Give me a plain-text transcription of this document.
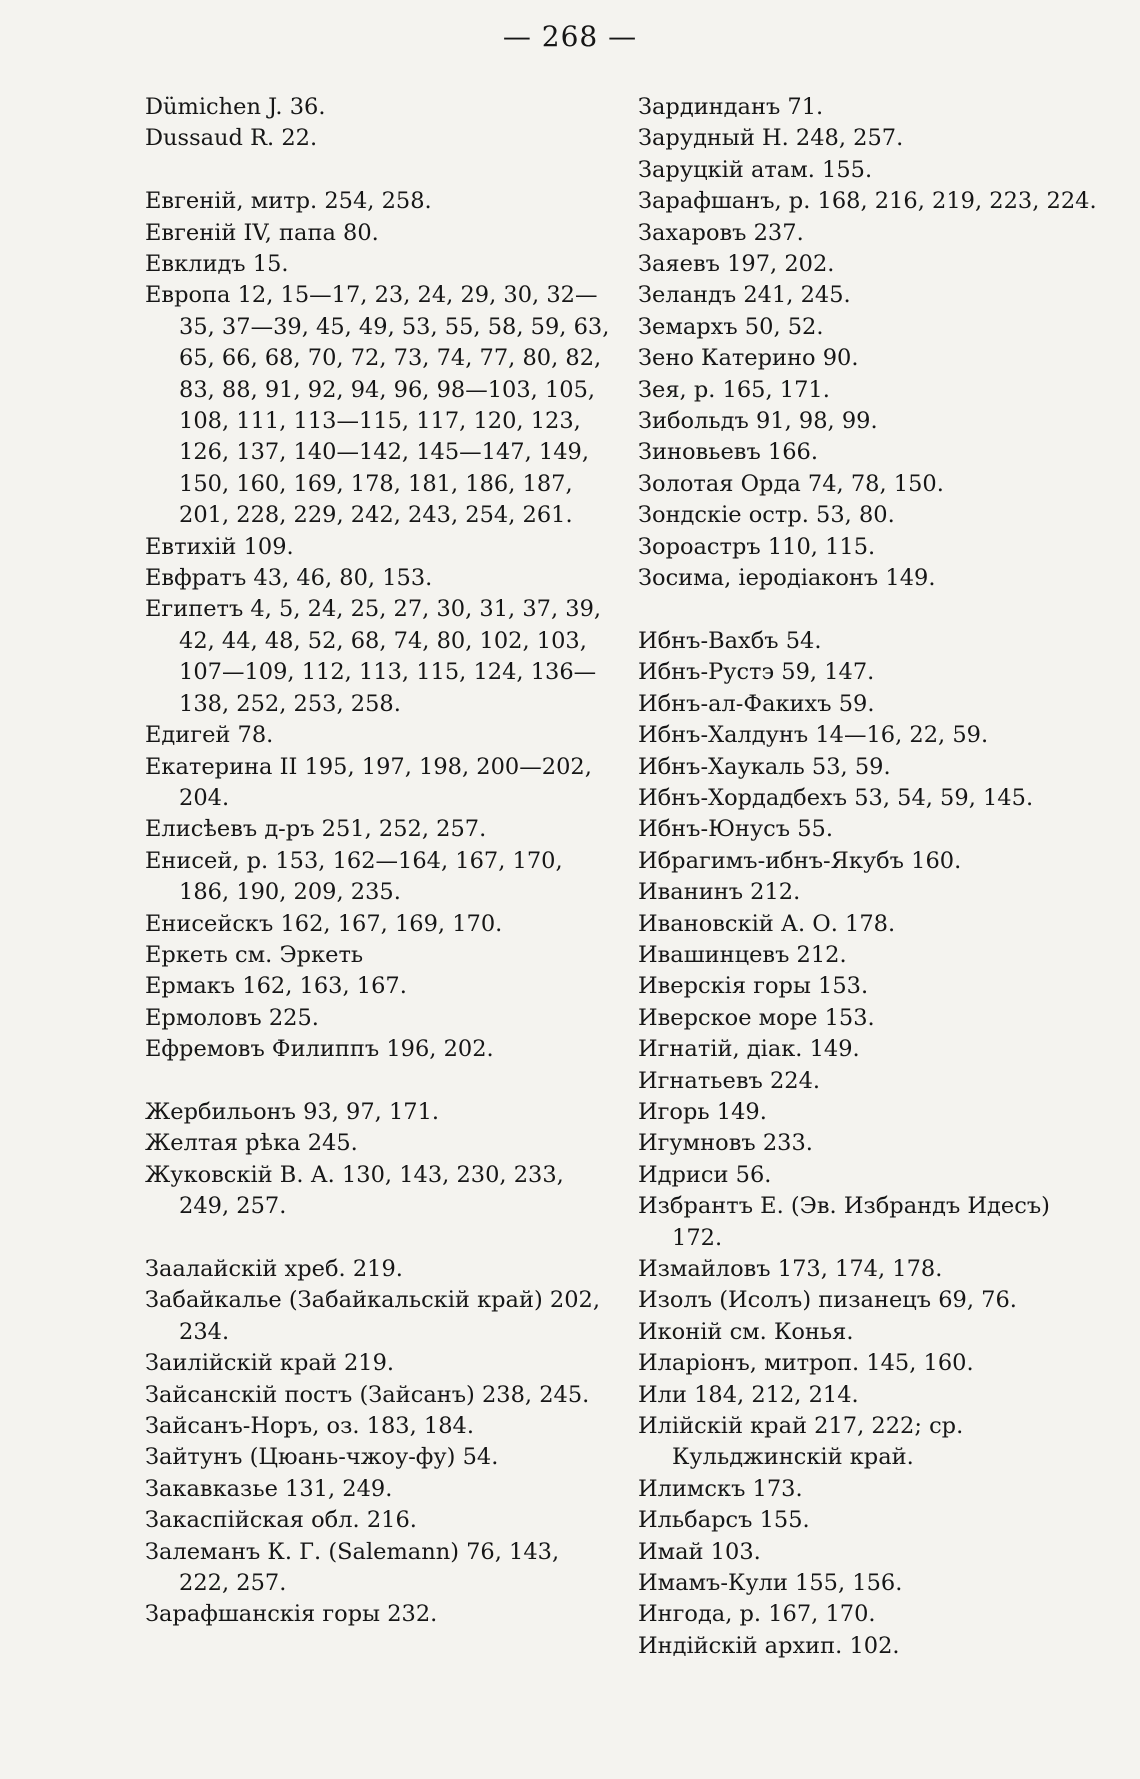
— 268 —
Dümichen J. 36.
Dussaud R. 22.
Евгеній, митр. 254, 258.
Евгеній IV, папа 80.
Евклидъ 15.
Европа 12, 15—17, 23, 24, 29, 30, 32—35, 37—39, 45, 49, 53, 55, 58, 59, 63, 65, 66, 68, 70, 72, 73, 74, 77, 80, 82, 83, 88, 91, 92, 94, 96, 98—103, 105, 108, 111, 113—115, 117, 120, 123, 126, 137, 140—142, 145—147, 149, 150, 160, 169, 178, 181, 186, 187, 201, 228, 229, 242, 243, 254, 261.
Евтихій 109.
Евфратъ 43, 46, 80, 153.
Египетъ 4, 5, 24, 25, 27, 30, 31, 37, 39, 42, 44, 48, 52, 68, 74, 80, 102, 103, 107—109, 112, 113, 115, 124, 136—138, 252, 253, 258.
Едигей 78.
Екатерина II 195, 197, 198, 200—202, 204.
Елисѣевъ д-ръ 251, 252, 257.
Енисей, р. 153, 162—164, 167, 170, 186, 190, 209, 235.
Енисейскъ 162, 167, 169, 170.
Еркеть см. Эркеть
Ермакъ 162, 163, 167.
Ермоловъ 225.
Ефремовъ Филиппъ 196, 202.
Жербильонъ 93, 97, 171.
Желтая рѣка 245.
Жуковскій В. А. 130, 143, 230, 233, 249, 257.
Заалайскій хреб. 219.
Забайкалье (Забайкальскій край) 202, 234.
Заилійскій край 219.
Зайсанскій постъ (Зайсанъ) 238, 245.
Зайсанъ-Норъ, оз. 183, 184.
Зайтунъ (Цюань-чжоу-фу) 54.
Закавказье 131, 249.
Закаспійская обл. 216.
Залеманъ К. Г. (Salemann) 76, 143, 222, 257.
Зарафшанскія горы 232.
Зардинданъ 71.
Зарудный Н. 248, 257.
Заруцкій атам. 155.
Зарафшанъ, р. 168, 216, 219, 223, 224.
Захаровъ 237.
Заяевъ 197, 202.
Зеландъ 241, 245.
Земархъ 50, 52.
Зено Катерино 90.
Зея, р. 165, 171.
Зибольдъ 91, 98, 99.
Зиновьевъ 166.
Золотая Орда 74, 78, 150.
Зондскіе остр. 53, 80.
Зороастръ 110, 115.
Зосима, іеродіаконъ 149.
Ибнъ-Вахбъ 54.
Ибнъ-Рустэ 59, 147.
Ибнъ-ал-Факихъ 59.
Ибнъ-Халдунъ 14—16, 22, 59.
Ибнъ-Хаукаль 53, 59.
Ибнъ-Хордадбехъ 53, 54, 59, 145.
Ибнъ-Юнусъ 55.
Ибрагимъ-ибнъ-Якубъ 160.
Иванинъ 212.
Ивановскій А. О. 178.
Ивашинцевъ 212.
Иверскія горы 153.
Иверское море 153.
Игнатій, діак. 149.
Игнатьевъ 224.
Игорь 149.
Игумновъ 233.
Идриси 56.
Избрантъ Е. (Эв. Избрандъ Идесъ) 172.
Измайловъ 173, 174, 178.
Изолъ (Исолъ) пизанецъ 69, 76.
Иконій см. Конья.
Иларіонъ, митроп. 145, 160.
Или 184, 212, 214.
Илійскій край 217, 222; ср. Кульджинскій край.
Илимскъ 173.
Ильбарсъ 155.
Имай 103.
Имамъ-Кули 155, 156.
Ингода, р. 167, 170.
Индійскій архип. 102.
